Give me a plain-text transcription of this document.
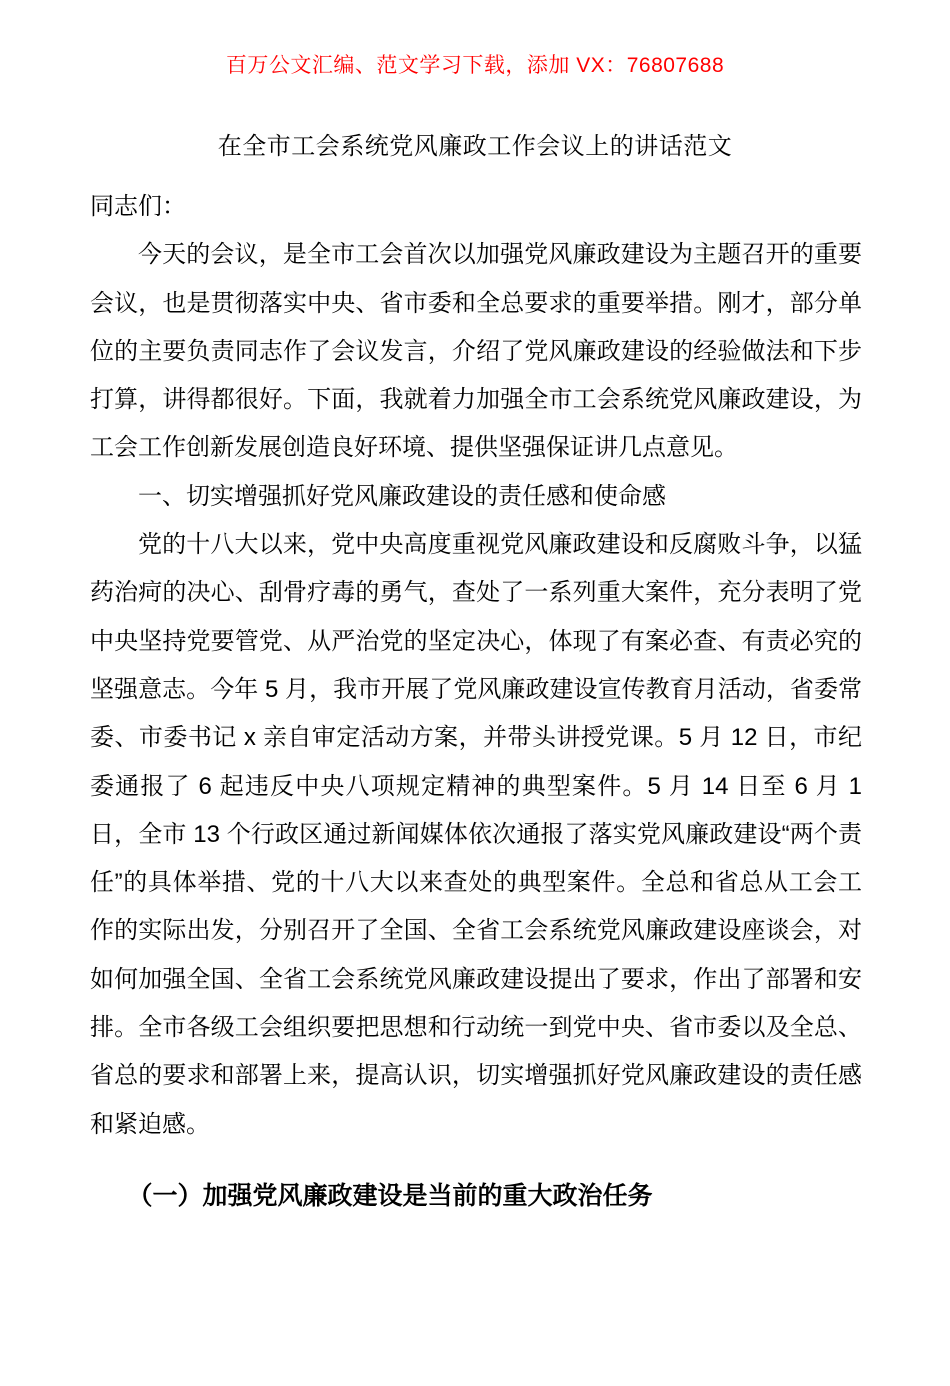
百万公文汇编、范文学习下载，添加 VX：76807688
在全市工会系统党风廉政工作会议上的讲话范文

同志们：

今天的会议，是全市工会首次以加强党风廉政建设为主题召开的重要会议，也是贯彻落实中央、省市委和全总要求的重要举措。刚才，部分单位的主要负责同志作了会议发言，介绍了党风廉政建设的经验做法和下步打算，讲得都很好。下面，我就着力加强全市工会系统党风廉政建设，为工会工作创新发展创造良好环境、提供坚强保证讲几点意见。

一、切实增强抓好党风廉政建设的责任感和使命感

党的十八大以来，党中央高度重视党风廉政建设和反腐败斗争，以猛药治疴的决心、刮骨疗毒的勇气，查处了一系列重大案件，充分表明了党中央坚持党要管党、从严治党的坚定决心，体现了有案必查、有责必究的坚强意志。今年 5 月，我市开展了党风廉政建设宣传教育月活动，省委常委、市委书记 x 亲自审定活动方案，并带头讲授党课。5 月 12 日，市纪委通报了 6 起违反中央八项规定精神的典型案件。5 月 14 日至 6 月 1 日，全市 13 个行政区通过新闻媒体依次通报了落实党风廉政建设“两个责任”的具体举措、党的十八大以来查处的典型案件。全总和省总从工会工作的实际出发，分别召开了全国、全省工会系统党风廉政建设座谈会，对如何加强全国、全省工会系统党风廉政建设提出了要求，作出了部署和安排。全市各级工会组织要把思想和行动统一到党中央、省市委以及全总、省总的要求和部署上来，提高认识，切实增强抓好党风廉政建设的责任感和紧迫感。

（一）加强党风廉政建设是当前的重大政治任务
